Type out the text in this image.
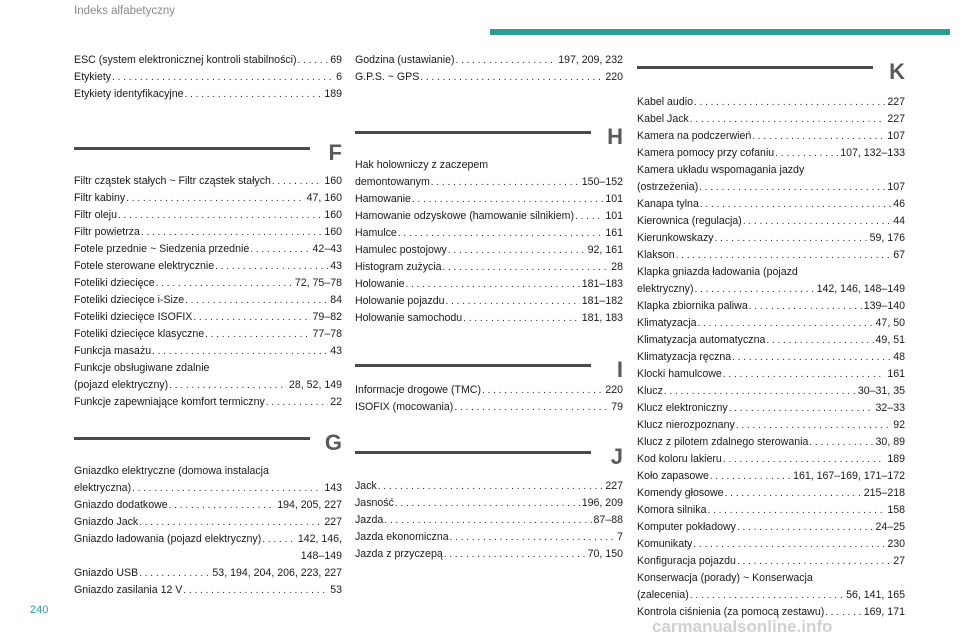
Indeks alfabetyczny
ESC (system elektronicznej kontroli stabilności) . . .	69
Etykiety . . .	6
Etykiety identyfikacyjne . . .	189
F
Filtr cząstek stałych ~ Filtr cząstek stałych . . .	160
Filtr kabiny . . .	47, 160
Filtr oleju . . .	160
Filtr powietrza . . .	160
Fotele przednie ~ Siedzenia przednie . . .	42–43
Fotele sterowane elektrycznie . . .	43
Foteliki dziecięce . . .	72, 75–78
Foteliki dziecięce i-Size . . .	84
Foteliki dziecięce ISOFIX . . .	79–82
Foteliki dziecięce klasyczne . . .	77–78
Funkcja masażu . . .	43
Funkcje obsługiwane zdalnie
(pojazd elektryczny) . . .	28, 52, 149
Funkcje zapewniające komfort termiczny . . .	22
G
Gniazdko elektryczne (domowa instalacja
elektryczna) . . .	143
Gniazdo dodatkowe . . .	194, 205, 227
Gniazdo Jack . . .	227
Gniazdo ładowania (pojazd elektryczny) . . .	142, 146,
148–149
Gniazdo USB . . .	53, 194, 204, 206, 223, 227
Gniazdo zasilania 12 V . . .	53
Godzina (ustawianie) . . .	197, 209, 232
G.P.S. ~ GPS . . .	220
H
Hak holowniczy z zaczepem
demontowanym . . .	150–152
Hamowanie . . .	101
Hamowanie odzyskowe (hamowanie silnikiem) . . .	101
Hamulce . . .	161
Hamulec postojowy . . .	92, 161
Histogram zużycia . . .	28
Holowanie . . .	181–183
Holowanie pojazdu . . .	181–182
Holowanie samochodu . . .	181, 183
I
Informacje drogowe (TMC) . . .	220
ISOFIX (mocowania) . . .	79
J
Jack . . .	227
Jasność . . .	196, 209
Jazda . . .	87–88
Jazda ekonomiczna . . .	7
Jazda z przyczepą . . .	70, 150
K
Kabel audio . . .	227
Kabel Jack . . .	227
Kamera na podczerwień . . .	107
Kamera pomocy przy cofaniu . . .	107, 132–133
Kamera układu wspomagania jazdy
(ostrzeżenia) . . .	107
Kanapa tylna . . .	46
Kierownica (regulacja) . . .	44
Kierunkowskazy . . .	59, 176
Klakson . . .	67
Klapka gniazda ładowania (pojazd
elektryczny) . . .	142, 146, 148–149
Klapka zbiornika paliwa . . .	139–140
Klimatyzacja . . .	47, 50
Klimatyzacja automatyczna . . .	49, 51
Klimatyzacja ręczna . . .	48
Klocki hamulcowe . . .	161
Klucz . . .	30–31, 35
Klucz elektroniczny . . .	32–33
Klucz nierozpoznany . . .	92
Klucz z pilotem zdalnego sterowania . . .	30, 89
Kod koloru lakieru . . .	189
Koło zapasowe . . .	161, 167–169, 171–172
Komendy głosowe . . .	215–218
Komora silnika . . .	158
Komputer pokładowy . . .	24–25
Komunikaty . . .	230
Konfiguracja pojazdu . . .	27
Konserwacja (porady) ~ Konserwacja
(zalecenia) . . .	56, 141, 165
Kontrola ciśnienia (za pomocą zestawu) . . .	169, 171
240
carmanualsonline.info
